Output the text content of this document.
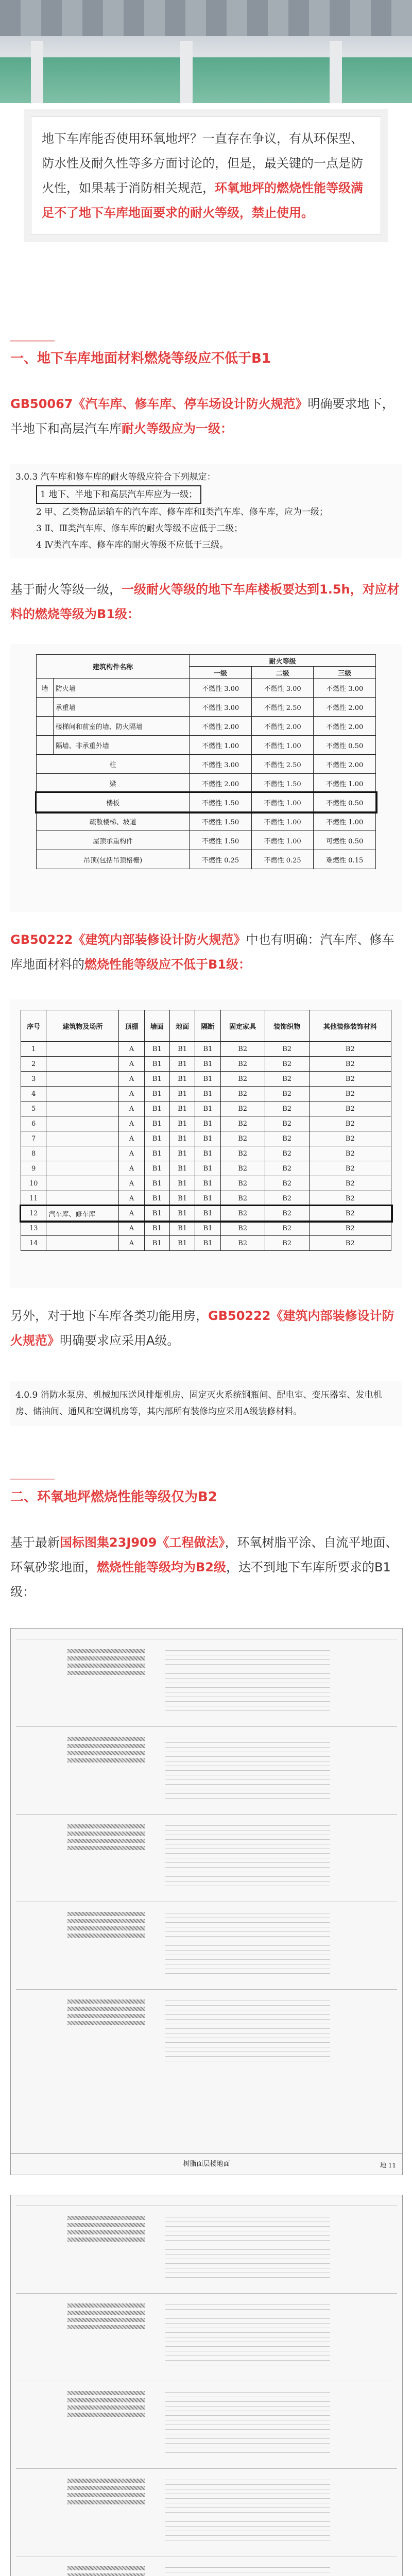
地下车库能否使用环氧地坪？一直存在争议，有从环保型、防水性及耐久性等多方面讨论的，但是，最关键的一点是防火性，如果基于消防相关规范，环氧地坪的燃烧性能等级满足不了地下车库地面要求的耐火等级，禁止使用。

一、地下车库地面材料燃烧等级应不低于B1

GB50067《汽车库、修车库、停车场设计防火规范》明确要求地下，半地下和高层汽车库耐火等级应为一级：

3.0.3 汽车库和修车库的耐火等级应符合下列规定：
1 地下、半地下和高层汽车库应为一级；
2 甲、乙类物品运输车的汽车库、修车库和Ⅰ类汽车库、修车库，应为一级；
3 Ⅱ、Ⅲ类汽车库、修车库的耐火等级不应低于二级；
4 Ⅳ类汽车库、修车库的耐火等级不应低于三级。

基于耐火等级一级，一级耐火等级的地下车库楼板要达到1.5h，对应材料的燃烧等级为B1级：

建筑构件名称		耐火等级		
		一级	二级	三级
墙	防火墙	不燃性 3.00	不燃性 3.00	不燃性 3.00
	承重墙	不燃性 3.00	不燃性 2.50	不燃性 2.00
	楼梯间和前室的墙、防火隔墙	不燃性 2.00	不燃性 2.00	不燃性 2.00
	隔墙、非承重外墙	不燃性 1.00	不燃性 1.00	不燃性 0.50
柱		不燃性 3.00	不燃性 2.50	不燃性 2.00
梁		不燃性 2.00	不燃性 1.50	不燃性 1.00
楼板		不燃性 1.50	不燃性 1.00	不燃性 0.50
疏散楼梯、坡道		不燃性 1.50	不燃性 1.00	不燃性 1.00
屋顶承重构件		不燃性 1.50	不燃性 1.00	可燃性 0.50
吊顶(包括吊顶格栅)		不燃性 0.25	不燃性 0.25	难燃性 0.15

GB50222《建筑内部装修设计防火规范》中也有明确：汽车库、修车库地面材料的燃烧性能等级应不低于B1级：

序号	建筑物及场所	顶棚	墙面	地面	隔断	固定家具	装饰织物	其他装修装饰材料
1		A	B1	B1	B1	B2	B2	B2
2		A	B1	B1	B1	B2	B2	B2
3		A	B1	B1	B1	B2	B2	B2
4		A	B1	B1	B1	B2	B2	B2
5		A	B1	B1	B1	B2	B2	B2
6		A	B1	B1	B1	B2	B2	B2
7		A	B1	B1	B1	B2	B2	B2
8		A	B1	B1	B1	B2	B2	B2
9		A	B1	B1	B1	B2	B2	B2
10		A	B1	B1	B1	B2	B2	B2
11		A	B1	B1	B1	B2	B2	B2
12	汽车库、修车库	A	B1	B1	B1	B2	B2	B2
13		A	B1	B1	B1	B2	B2	B2
14		A	B1	B1	B1	B2	B2	B2

另外，对于地下车库各类功能用房，GB50222《建筑内部装修设计防火规范》明确要求应采用A级。

4.0.9 消防水泵房、机械加压送风排烟机房、固定灭火系统钢瓶间、配电室、变压器室、发电机房、储油间、通风和空调机房等，其内部所有装修均应采用A级装修材料。
二、环氧地坪燃烧性能等级仅为B2

基于最新国标图集23J909《工程做法》，环氧树脂平涂、自流平地面、环氧砂浆地面，燃烧性能等级均为B2级，达不到地下车库所要求的B1级：

树脂面层楼地面	地 11
